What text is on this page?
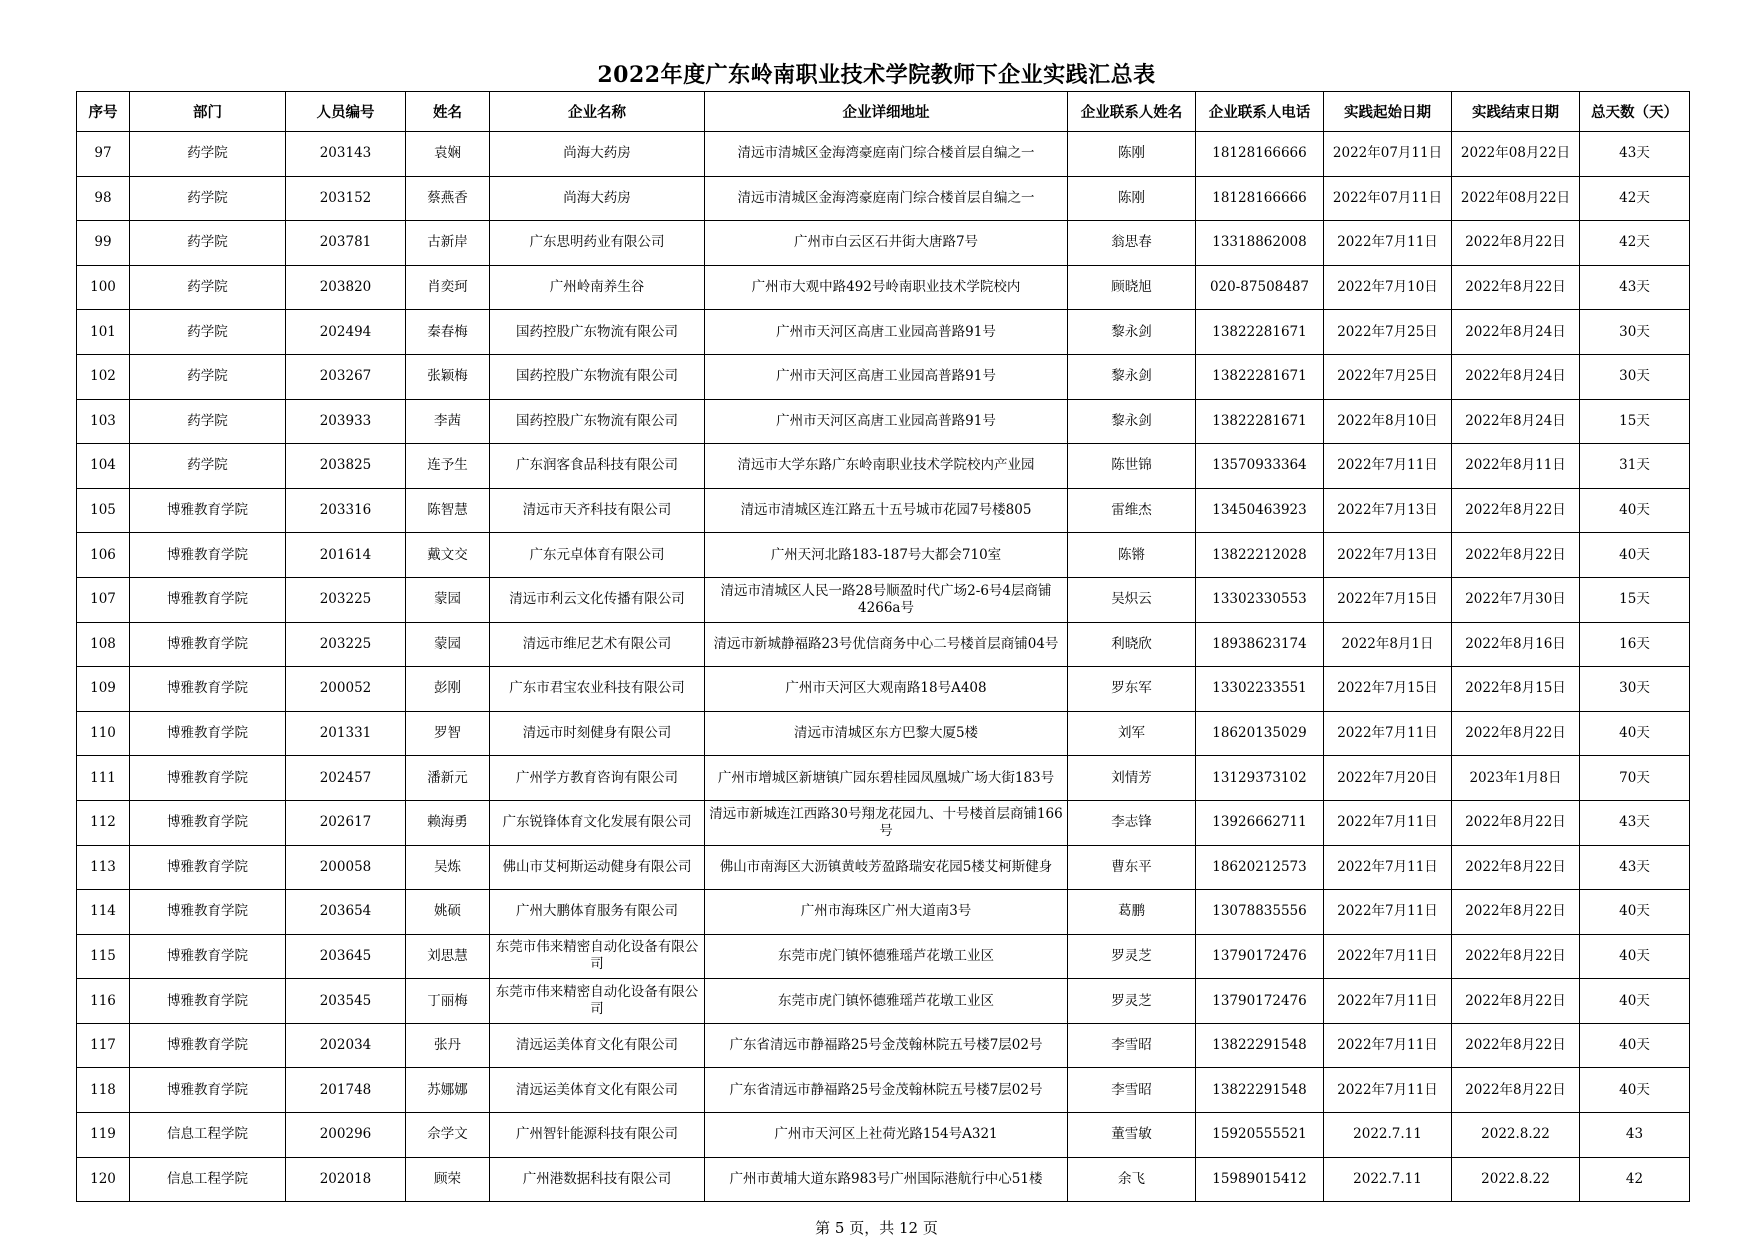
2022年度广东岭南职业技术学院教师下企业实践汇总表
序号	部门	人员编号	姓名	企业名称	企业详细地址	企业联系人姓名	企业联系人电话	实践起始日期	实践结束日期	总天数（天）
97	药学院	203143	袁娴	尚海大药房	清远市清城区金海湾豪庭南门综合楼首层自编之一	陈刚	18128166666	2022年07月11日	2022年08月22日	43天
98	药学院	203152	蔡燕香	尚海大药房	清远市清城区金海湾豪庭南门综合楼首层自编之一	陈刚	18128166666	2022年07月11日	2022年08月22日	42天
99	药学院	203781	古新岸	广东思明药业有限公司	广州市白云区石井街大唐路7号	翁思春	13318862008	2022年7月11日	2022年8月22日	42天
100	药学院	203820	肖奕珂	广州岭南养生谷	广州市大观中路492号岭南职业技术学院校内	顾晓旭	020-87508487	2022年7月10日	2022年8月22日	43天
101	药学院	202494	秦春梅	国药控股广东物流有限公司	广州市天河区高唐工业园高普路91号	黎永剑	13822281671	2022年7月25日	2022年8月24日	30天
102	药学院	203267	张颖梅	国药控股广东物流有限公司	广州市天河区高唐工业园高普路91号	黎永剑	13822281671	2022年7月25日	2022年8月24日	30天
103	药学院	203933	李茜	国药控股广东物流有限公司	广州市天河区高唐工业园高普路91号	黎永剑	13822281671	2022年8月10日	2022年8月24日	15天
104	药学院	203825	连予生	广东润客食品科技有限公司	清远市大学东路广东岭南职业技术学院校内产业园	陈世锦	13570933364	2022年7月11日	2022年8月11日	31天
105	博雅教育学院	203316	陈智慧	清远市天齐科技有限公司	清远市清城区连江路五十五号城市花园7号楼805	雷维杰	13450463923	2022年7月13日	2022年8月22日	40天
106	博雅教育学院	201614	戴文交	广东元卓体育有限公司	广州天河北路183-187号大都会710室	陈锵	13822212028	2022年7月13日	2022年8月22日	40天
107	博雅教育学院	203225	蒙园	清远市利云文化传播有限公司	清远市清城区人民一路28号顺盈时代广场2-6号4层商铺4266a号	吴炽云	13302330553	2022年7月15日	2022年7月30日	15天
108	博雅教育学院	203225	蒙园	清远市维尼艺术有限公司	清远市新城静福路23号优信商务中心二号楼首层商铺04号	利晓欣	18938623174	2022年8月1日	2022年8月16日	16天
109	博雅教育学院	200052	彭刚	广东市君宝农业科技有限公司	广州市天河区大观南路18号A408	罗东军	13302233551	2022年7月15日	2022年8月15日	30天
110	博雅教育学院	201331	罗智	清远市时刻健身有限公司	清远市清城区东方巴黎大厦5楼	刘军	18620135029	2022年7月11日	2022年8月22日	40天
111	博雅教育学院	202457	潘新元	广州学方教育咨询有限公司	广州市增城区新塘镇广园东碧桂园凤凰城广场大街183号	刘情芳	13129373102	2022年7月20日	2023年1月8日	70天
112	博雅教育学院	202617	赖海勇	广东锐锋体育文化发展有限公司	清远市新城连江西路30号翔龙花园九、十号楼首层商铺166号	李志锋	13926662711	2022年7月11日	2022年8月22日	43天
113	博雅教育学院	200058	吴炼	佛山市艾柯斯运动健身有限公司	佛山市南海区大沥镇黄岐芳盈路瑞安花园5楼艾柯斯健身	曹东平	18620212573	2022年7月11日	2022年8月22日	43天
114	博雅教育学院	203654	姚硕	广州大鹏体育服务有限公司	广州市海珠区广州大道南3号	葛鹏	13078835556	2022年7月11日	2022年8月22日	40天
115	博雅教育学院	203645	刘思慧	东莞市伟来精密自动化设备有限公司	东莞市虎门镇怀德雅瑶芦花墩工业区	罗灵芝	13790172476	2022年7月11日	2022年8月22日	40天
116	博雅教育学院	203545	丁丽梅	东莞市伟来精密自动化设备有限公司	东莞市虎门镇怀德雅瑶芦花墩工业区	罗灵芝	13790172476	2022年7月11日	2022年8月22日	40天
117	博雅教育学院	202034	张丹	清远运美体育文化有限公司	广东省清远市静福路25号金茂翰林院五号楼7层02号	李雪昭	13822291548	2022年7月11日	2022年8月22日	40天
118	博雅教育学院	201748	苏娜娜	清远运美体育文化有限公司	广东省清远市静福路25号金茂翰林院五号楼7层02号	李雪昭	13822291548	2022年7月11日	2022年8月22日	40天
119	信息工程学院	200296	佘学文	广州智针能源科技有限公司	广州市天河区上社荷光路154号A321	董雪敏	15920555521	2022.7.11	2022.8.22	43
120	信息工程学院	202018	顾荣	广州港数据科技有限公司	广州市黄埔大道东路983号广州国际港航行中心51楼	余飞	15989015412	2022.7.11	2022.8.22	42
第 5 页，共 12 页
